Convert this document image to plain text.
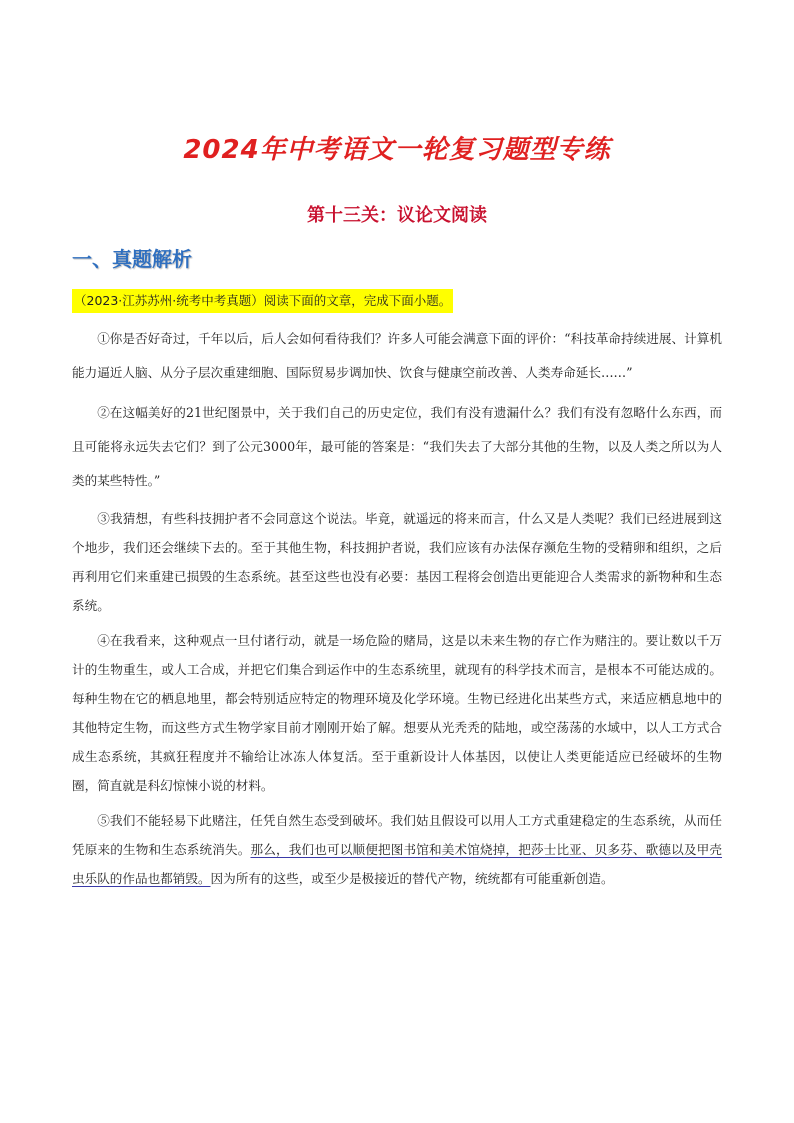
2024年中考语文一轮复习题型专练
第十三关：议论文阅读
一、真题解析
（2023·江苏苏州·统考中考真题）阅读下面的文章，完成下面小题。

①你是否好奇过，千年以后，后人会如何看待我们？许多人可能会满意下面的评价：“科技革命持续进展、计算机能力逼近人脑、从分子层次重建细胞、国际贸易步调加快、饮食与健康空前改善、人类寿命延长……”

②在这幅美好的21世纪图景中，关于我们自己的历史定位，我们有没有遗漏什么？我们有没有忽略什么东西，而且可能将永远失去它们？到了公元3000年，最可能的答案是：“我们失去了大部分其他的生物，以及人类之所以为人类的某些特性。”

③我猜想，有些科技拥护者不会同意这个说法。毕竟，就遥远的将来而言，什么又是人类呢？我们已经进展到这个地步，我们还会继续下去的。至于其他生物，科技拥护者说，我们应该有办法保存濒危生物的受精卵和组织，之后再利用它们来重建已损毁的生态系统。甚至这些也没有必要：基因工程将会创造出更能迎合人类需求的新物种和生态系统。

④在我看来，这种观点一旦付诸行动，就是一场危险的赌局，这是以未来生物的存亡作为赌注的。要让数以千万计的生物重生，或人工合成，并把它们集合到运作中的生态系统里，就现有的科学技术而言，是根本不可能达成的。每种生物在它的栖息地里，都会特别适应特定的物理环境及化学环境。生物已经进化出某些方式，来适应栖息地中的其他特定生物，而这些方式生物学家目前才刚刚开始了解。想要从光秃秃的陆地，或空荡荡的水域中，以人工方式合成生态系统，其疯狂程度并不输给让冰冻人体复活。至于重新设计人体基因，以使让人类更能适应已经破坏的生物圈，简直就是科幻惊悚小说的材料。

⑤我们不能轻易下此赌注，任凭自然生态受到破坏。我们姑且假设可以用人工方式重建稳定的生态系统，从而任凭原来的生物和生态系统消失。那么，我们也可以顺便把图书馆和美术馆烧掉，把莎士比亚、贝多芬、歌德以及甲壳虫乐队的作品也都销毁。因为所有的这些，或至少是极接近的替代产物，统统都有可能重新创造。
